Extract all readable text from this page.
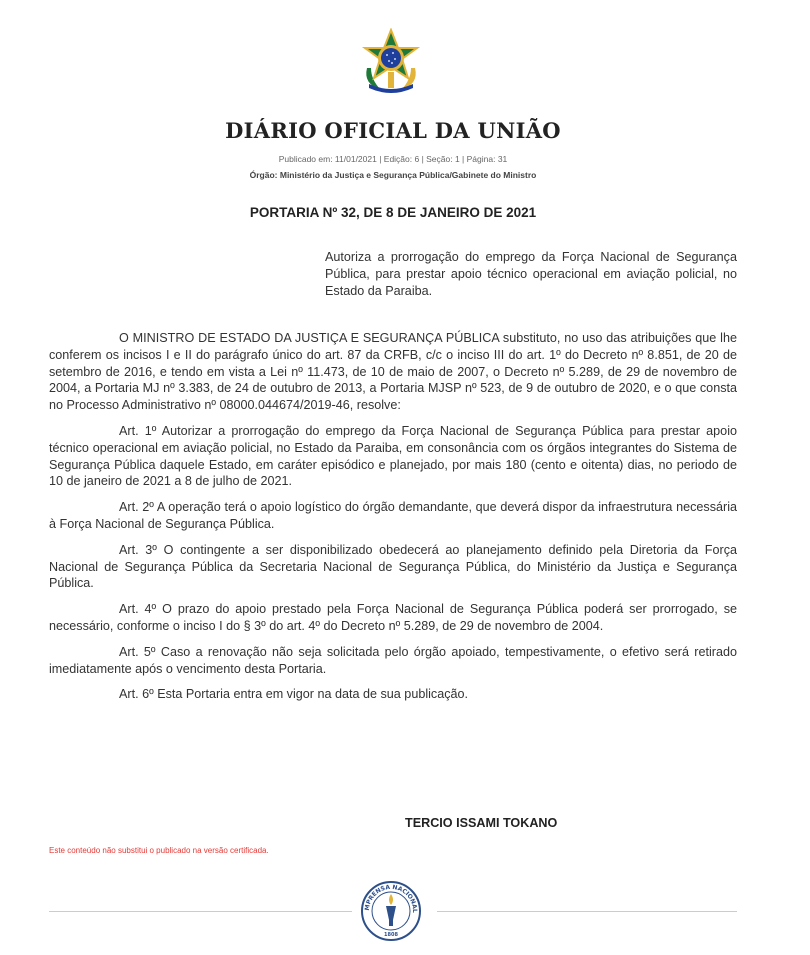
DIÁRIO OFICIAL DA UNIÃO
Publicado em: 11/01/2021 | Edição: 6 | Seção: 1 | Página: 31
Órgão: Ministério da Justiça e Segurança Pública/Gabinete do Ministro
PORTARIA Nº 32, DE 8 DE JANEIRO DE 2021
Autoriza a prorrogação do emprego da Força Nacional de Segurança Pública, para prestar apoio técnico operacional em aviação policial, no Estado da Paraiba.

O MINISTRO DE ESTADO DA JUSTIÇA E SEGURANÇA PÚBLICA substituto, no uso das atribuições que lhe conferem os incisos I e II do parágrafo único do art. 87 da CRFB, c/c o inciso III do art. 1º do Decreto nº 8.851, de 20 de setembro de 2016, e tendo em vista a Lei nº 11.473, de 10 de maio de 2007, o Decreto nº 5.289, de 29 de novembro de 2004, a Portaria MJ nº 3.383, de 24 de outubro de 2013, a Portaria MJSP nº 523, de 9 de outubro de 2020, e o que consta no Processo Administrativo nº 08000.044674/2019-46, resolve:

Art. 1º Autorizar a prorrogação do emprego da Força Nacional de Segurança Pública para prestar apoio técnico operacional em aviação policial, no Estado da Paraiba, em consonância com os órgãos integrantes do Sistema de Segurança Pública daquele Estado, em caráter episódico e planejado, por mais 180 (cento e oitenta) dias, no periodo de 10 de janeiro de 2021 a 8 de julho de 2021.

Art. 2º A operação terá o apoio logístico do órgão demandante, que deverá dispor da infraestrutura necessária à Força Nacional de Segurança Pública.

Art. 3º O contingente a ser disponibilizado obedecerá ao planejamento definido pela Diretoria da Força Nacional de Segurança Pública da Secretaria Nacional de Segurança Pública, do Ministério da Justiça e Segurança Pública.

Art. 4º O prazo do apoio prestado pela Força Nacional de Segurança Pública poderá ser prorrogado, se necessário, conforme o inciso I do § 3º do art. 4º do Decreto nº 5.289, de 29 de novembro de 2004.

Art. 5º Caso a renovação não seja solicitada pelo órgão apoiado, tempestivamente, o efetivo será retirado imediatamente após o vencimento desta Portaria.

Art. 6º Esta Portaria entra em vigor na data de sua publicação.

TERCIO ISSAMI TOKANO
Este conteúdo não substitui o publicado na versão certificada.
MPRENSA NACIONAL
1808
